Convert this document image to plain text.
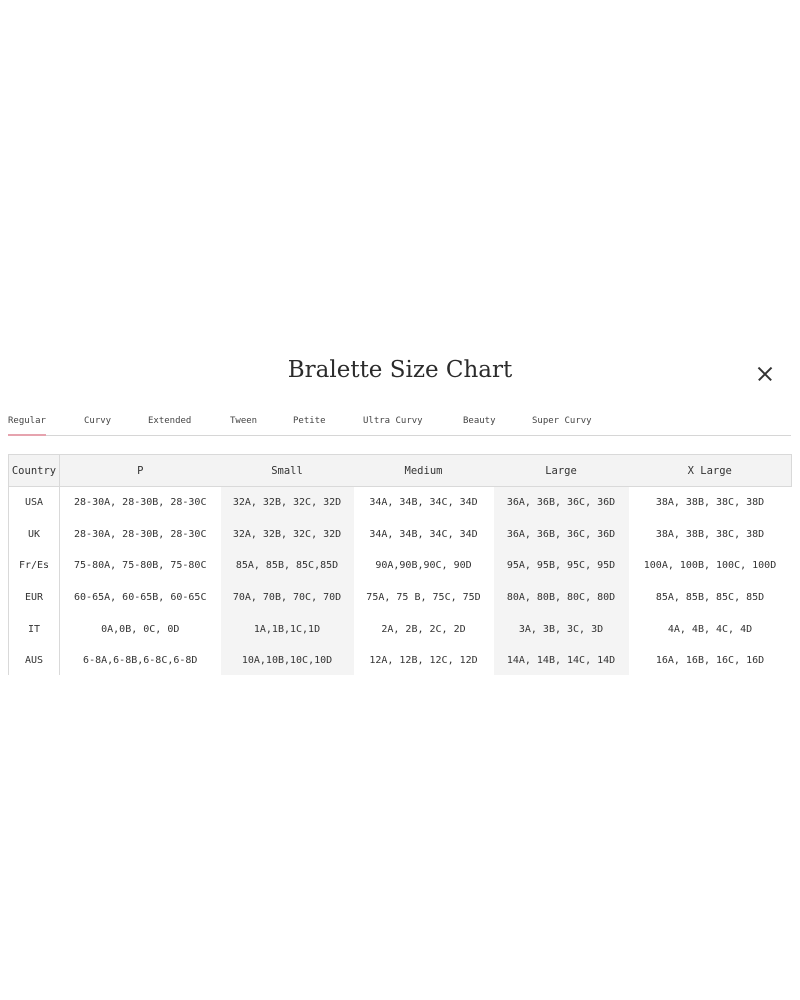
Bralette Size Chart
Regular	Curvy	Extended	Tween	Petite	Ultra Curvy	Beauty	Super Curvy
Country	P	Small	Medium	Large	X Large
USA	28-30A, 28-30B, 28-30C	32A, 32B, 32C, 32D	34A, 34B, 34C, 34D	36A, 36B, 36C, 36D	38A, 38B, 38C, 38D
UK	28-30A, 28-30B, 28-30C	32A, 32B, 32C, 32D	34A, 34B, 34C, 34D	36A, 36B, 36C, 36D	38A, 38B, 38C, 38D
Fr/Es	75-80A, 75-80B, 75-80C	85A, 85B, 85C,85D	90A,90B,90C, 90D	95A, 95B, 95C, 95D	100A, 100B, 100C, 100D
EUR	60-65A, 60-65B, 60-65C	70A, 70B, 70C, 70D	75A, 75 B, 75C, 75D	80A, 80B, 80C, 80D	85A, 85B, 85C, 85D
IT	0A,0B, 0C, 0D	1A,1B,1C,1D	2A, 2B, 2C, 2D	3A, 3B, 3C, 3D	4A, 4B, 4C, 4D
AUS	6-8A,6-8B,6-8C,6-8D	10A,10B,10C,10D	12A, 12B, 12C, 12D	14A, 14B, 14C, 14D	16A, 16B, 16C, 16D
